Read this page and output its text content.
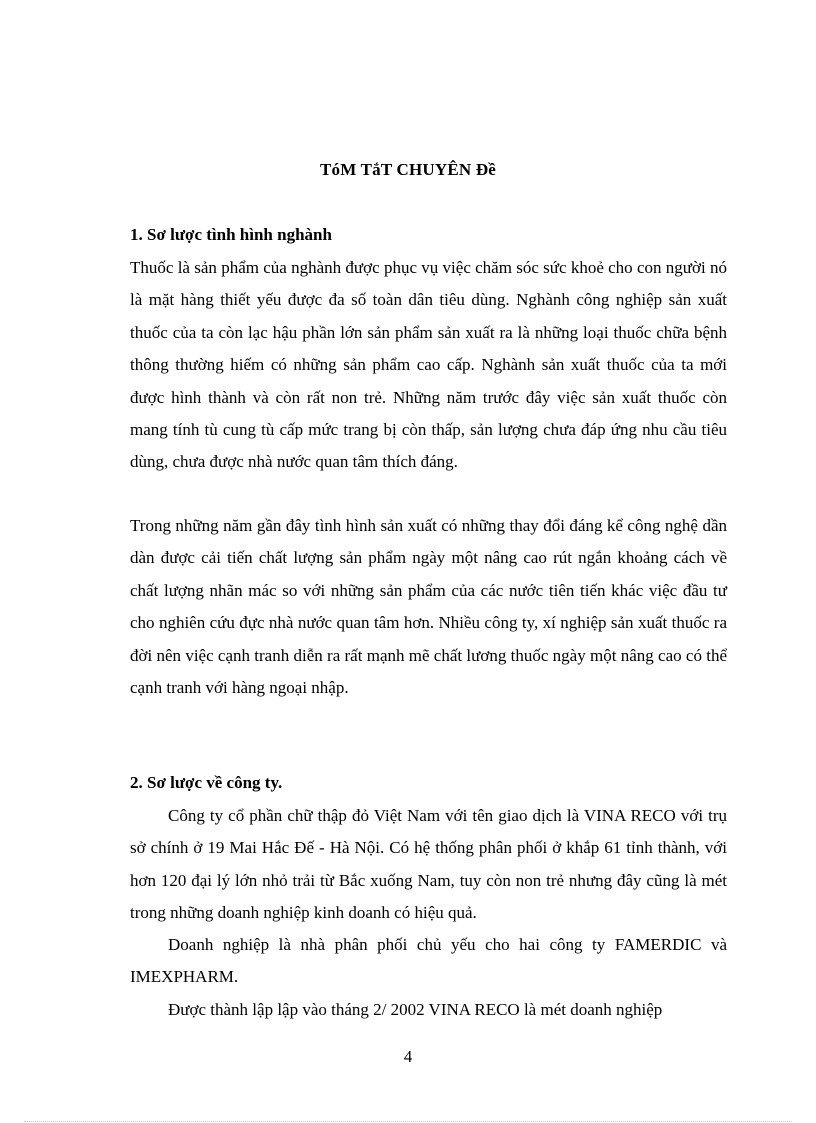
TóM TắT CHUYÊN Đề
1. Sơ lược tình hình nghành

Thuốc là sản phẩm của nghành được phục vụ việc chăm sóc sức khoẻ cho con người nó là mặt hàng thiết yếu được đa số toàn dân tiêu dùng. Nghành công nghiệp sản xuất thuốc của ta còn lạc hậu phần lớn sản phẩm sản xuất ra là những loại thuốc chữa bệnh thông thường hiếm có những sản phẩm cao cấp. Nghành sản xuất thuốc của ta mới được hình thành và còn rất non trẻ. Những năm trước đây việc sản xuất thuốc còn mang tính tù cung tù cấp mức trang bị còn thấp, sản lượng chưa đáp ứng nhu cầu tiêu dùng, chưa được nhà nước quan tâm thích đáng.

Trong những năm gần đây tình hình sản xuất có những thay đổi đáng kể công nghệ dần dàn được cải tiến chất lượng sản phẩm ngày một nâng cao rút ngắn khoảng cách về chất lượng nhãn mác so với những sản phẩm của các nước tiên tiến khác việc đầu tư cho nghiên cứu đực nhà nước quan tâm hơn. Nhiều công ty, xí nghiệp sản xuất thuốc ra đời nên việc cạnh tranh diễn ra rất mạnh mẽ chất lương thuốc ngày một nâng cao có thể cạnh tranh với hàng ngoại nhập.

2. Sơ lược về công ty.

Công ty cổ phần chữ thập đỏ Việt Nam với tên giao dịch là VINA RECO với trụ sở chính ở 19 Mai Hắc Đế - Hà Nội. Có hệ thống phân phối ở khắp 61 tỉnh thành, với hơn 120 đại lý lớn nhỏ trải từ Bắc xuống Nam, tuy còn non trẻ nhưng đây cũng là mét trong những doanh nghiệp kinh doanh có hiệu quả.

Doanh nghiệp là nhà phân phối chủ yếu cho hai công ty FAMERDIC và IMEXPHARM.

Được thành lập lập vào tháng 2/ 2002 VINA RECO là mét doanh nghiệp

4
